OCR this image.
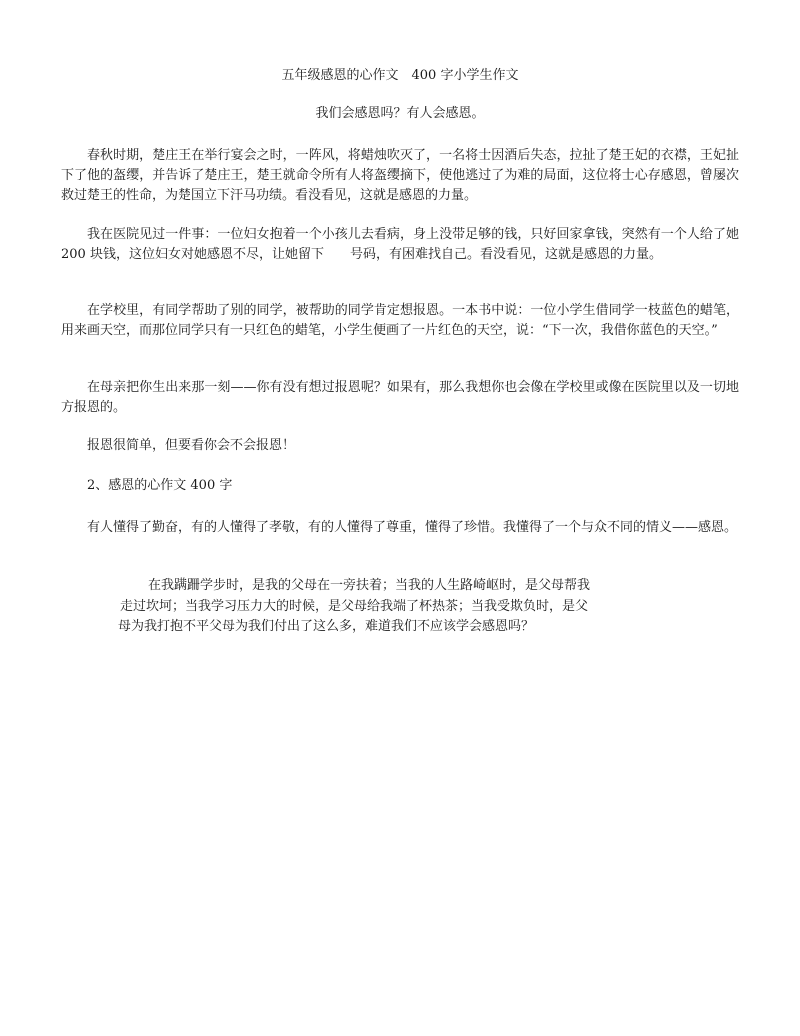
五年级感恩的心作文　400 字小学生作文
我们会感恩吗？有人会感恩。

春秋时期，楚庄王在举行宴会之时，一阵风，将蜡烛吹灭了，一名将士因酒后失态，拉扯了楚王妃的衣襟，王妃扯下了他的盔缨，并告诉了楚庄王，楚王就命令所有人将盔缨摘下，使他逃过了为难的局面，这位将士心存感恩，曾屡次救过楚王的性命，为楚国立下汗马功绩。看没看见，这就是感恩的力量。

我在医院见过一件事：一位妇女抱着一个小孩儿去看病，身上没带足够的钱，只好回家拿钱，突然有一个人给了她 200 块钱，这位妇女对她感恩不尽，让她留下　　号码，有困难找自己。看没看见，这就是感恩的力量。

在学校里，有同学帮助了别的同学，被帮助的同学肯定想报恩。一本书中说：一位小学生借同学一枝蓝色的蜡笔，用来画天空，而那位同学只有一只红色的蜡笔，小学生便画了一片红色的天空，说：“下一次，我借你蓝色的天空。”

在母亲把你生出来那一刻——你有没有想过报恩呢？如果有，那么我想你也会像在学校里或像在医院里以及一切地方报恩的。

报恩很简单，但要看你会不会报恩！

2、感恩的心作文 400 字

有人懂得了勤奋，有的人懂得了孝敬，有的人懂得了尊重，懂得了珍惜。我懂得了一个与众不同的情义——感恩。

在我蹒跚学步时，是我的父母在一旁扶着；当我的人生路崎岖时，是父母帮我
走过坎坷；当我学习压力大的时候，是父母给我端了杯热茶；当我受欺负时，是父
母为我打抱不平父母为我们付出了这么多，难道我们不应该学会感恩吗？
